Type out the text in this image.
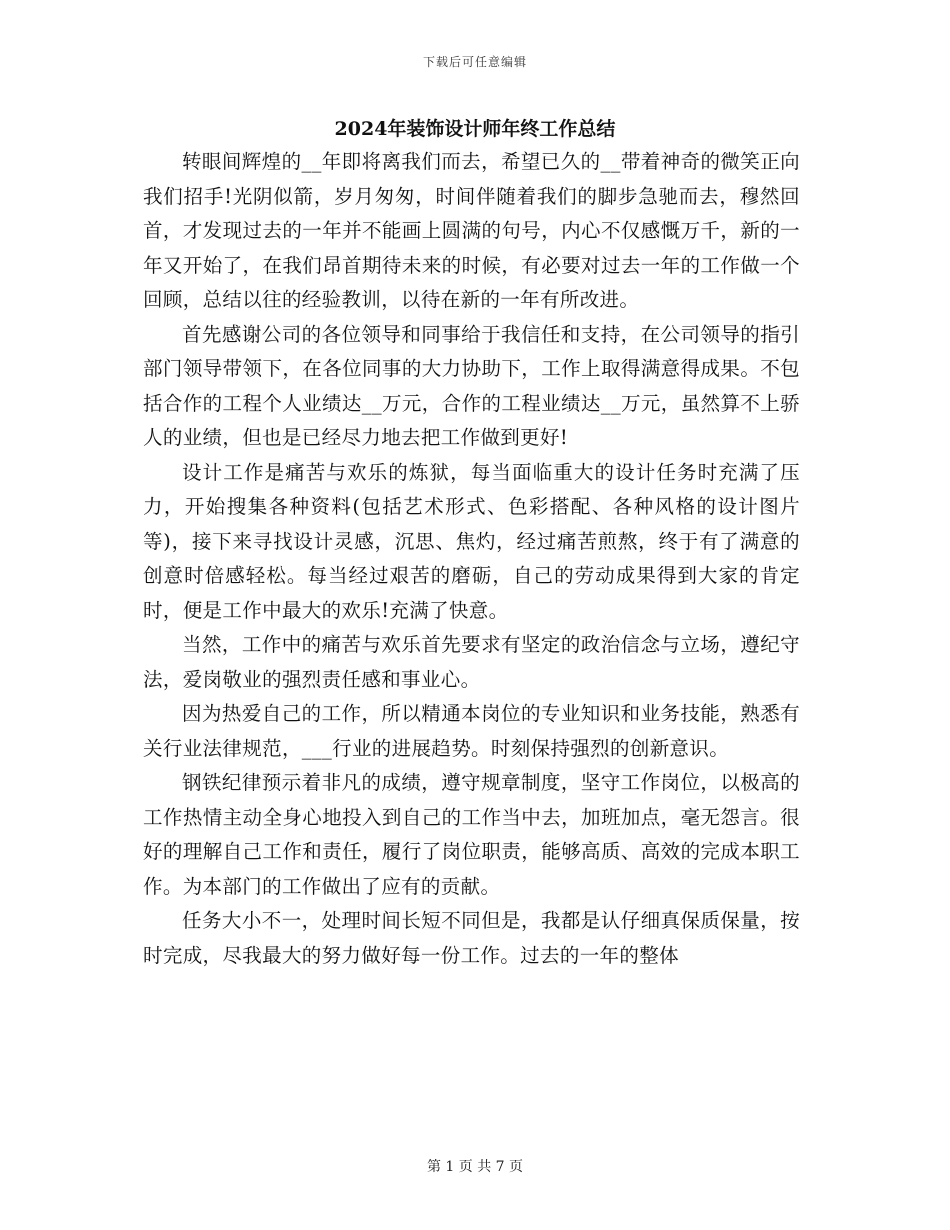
下载后可任意编辑
2024年装饰设计师年终工作总结

转眼间辉煌的__年即将离我们而去，希望已久的__带着神奇的微笑正向我们招手!光阴似箭，岁月匆匆，时间伴随着我们的脚步急驰而去，穆然回首，才发现过去的一年并不能画上圆满的句号，内心不仅感慨万千，新的一年又开始了，在我们昂首期待未来的时候，有必要对过去一年的工作做一个回顾，总结以往的经验教训，以待在新的一年有所改进。

首先感谢公司的各位领导和同事给于我信任和支持，在公司领导的指引部门领导带领下，在各位同事的大力协助下，工作上取得满意得成果。不包括合作的工程个人业绩达__万元，合作的工程业绩达__万元，虽然算不上骄人的业绩，但也是已经尽力地去把工作做到更好!

设计工作是痛苦与欢乐的炼狱，每当面临重大的设计任务时充满了压力，开始搜集各种资料(包括艺术形式、色彩搭配、各种风格的设计图片等)，接下来寻找设计灵感，沉思、焦灼，经过痛苦煎熬，终于有了满意的创意时倍感轻松。每当经过艰苦的磨砺，自己的劳动成果得到大家的肯定时，便是工作中最大的欢乐!充满了快意。

当然，工作中的痛苦与欢乐首先要求有坚定的政治信念与立场，遵纪守法，爱岗敬业的强烈责任感和事业心。

因为热爱自己的工作，所以精通本岗位的专业知识和业务技能，熟悉有关行业法律规范，___行业的进展趋势。时刻保持强烈的创新意识。

钢铁纪律预示着非凡的成绩，遵守规章制度，坚守工作岗位，以极高的工作热情主动全身心地投入到自己的工作当中去，加班加点，毫无怨言。很好的理解自己工作和责任，履行了岗位职责，能够高质、高效的完成本职工作。为本部门的工作做出了应有的贡献。

任务大小不一，处理时间长短不同但是，我都是认仔细真保质保量，按时完成，尽我最大的努力做好每一份工作。过去的一年的整体

第 1 页 共 7 页
